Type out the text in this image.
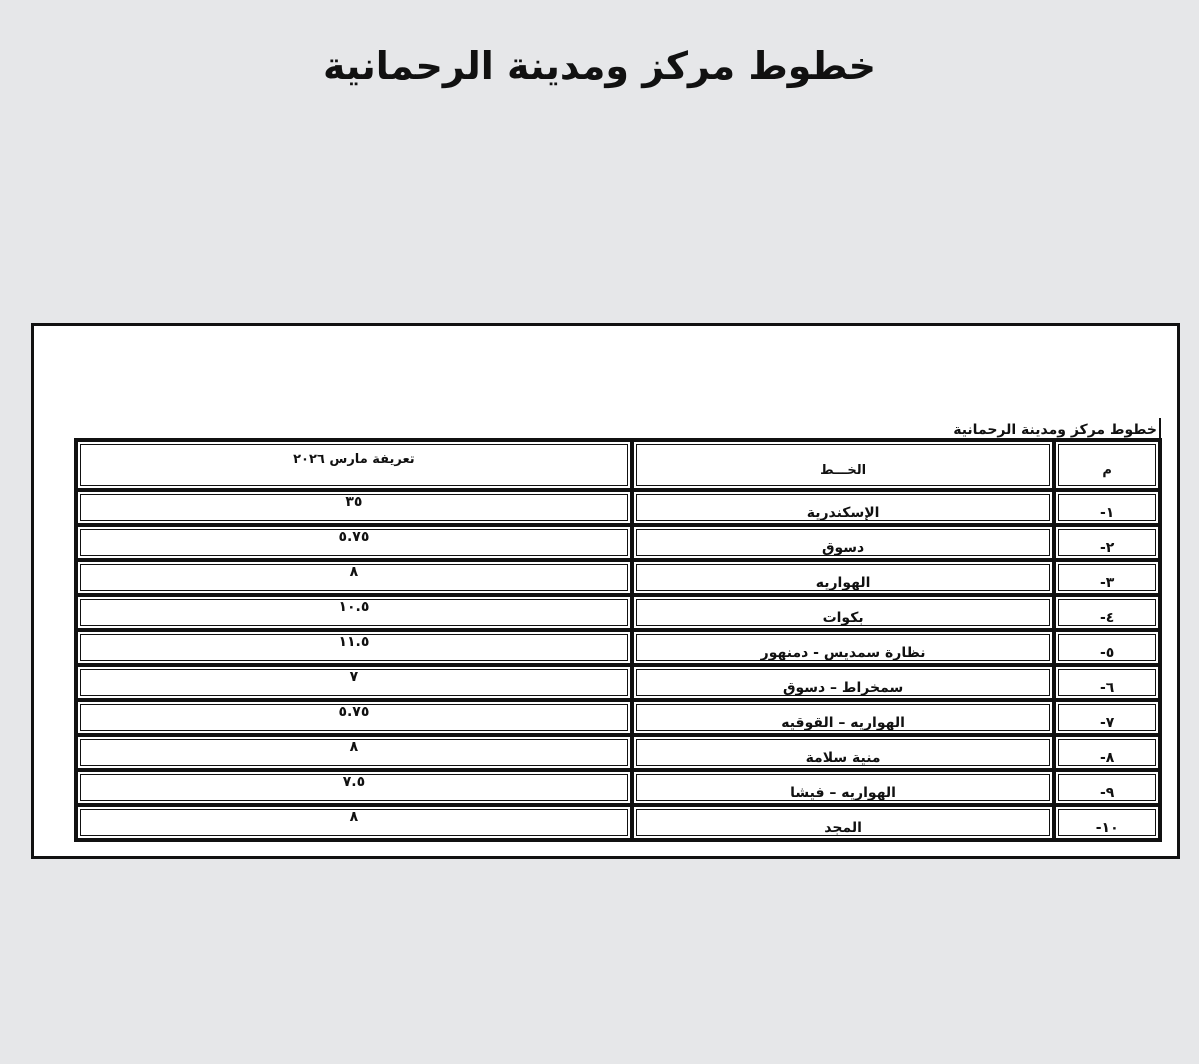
خطوط مركز ومدينة الرحمانية
خطوط مركز ومدينة الرحمانية
م	الخـــط	تعريفة مارس ٢٠٢٦
١-	الإسكندرية	٣٥
٢-	دسوق	٥.٧٥
٣-	الهواريه	٨
٤-	بكوات	١٠.٥
٥-	نظارة سمديس - دمنهور	١١.٥
٦-	سمخراط – دسوق	٧
٧-	الهواريه – القوقيه	٥.٧٥
٨-	منية سلامة	٨
٩-	الهواريه – فيشا	٧.٥
١٠-	المجد	٨
